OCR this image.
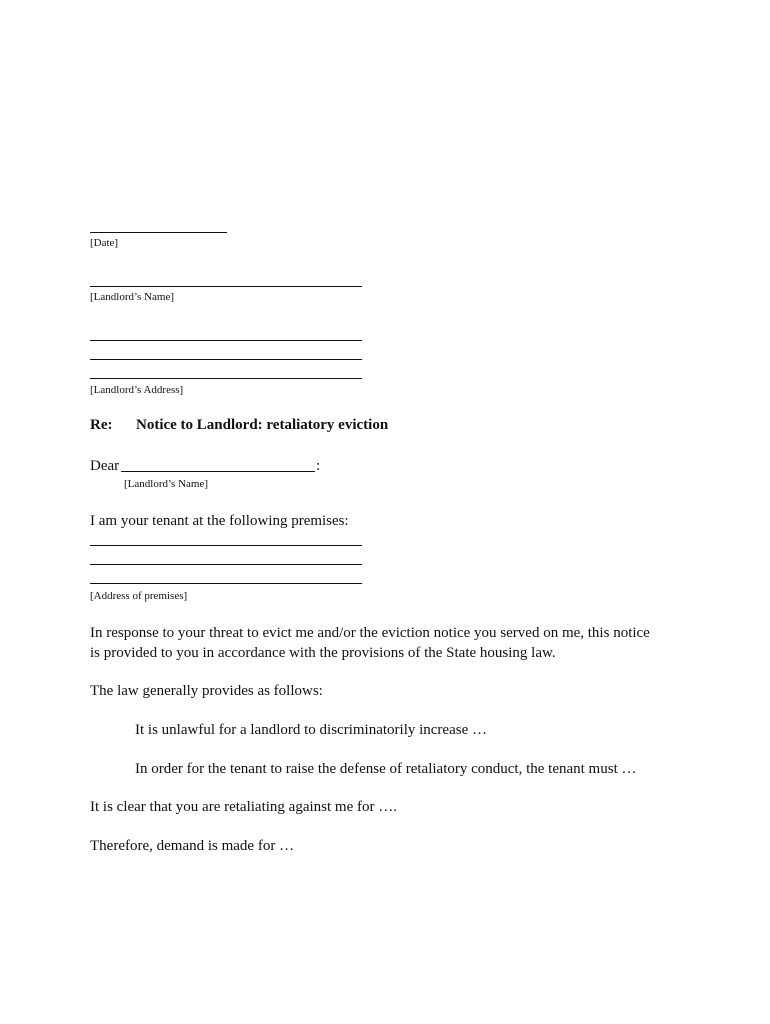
[Date]
[Landlord’s Name]
[Landlord’s Address]
Re: Notice to Landlord: retaliatory eviction
Dear	:
[Landlord’s Name]
I am your tenant at the following premises:
[Address of premises]
In response to your threat to evict me and/or the eviction notice you served on me, this notice is provided to you in accordance with the provisions of the State housing law.
The law generally provides as follows:
It is unlawful for a landlord to discriminatorily increase …
In order for the tenant to raise the defense of retaliatory conduct, the tenant must …
It is clear that you are retaliating against me for ….
Therefore, demand is made for …
